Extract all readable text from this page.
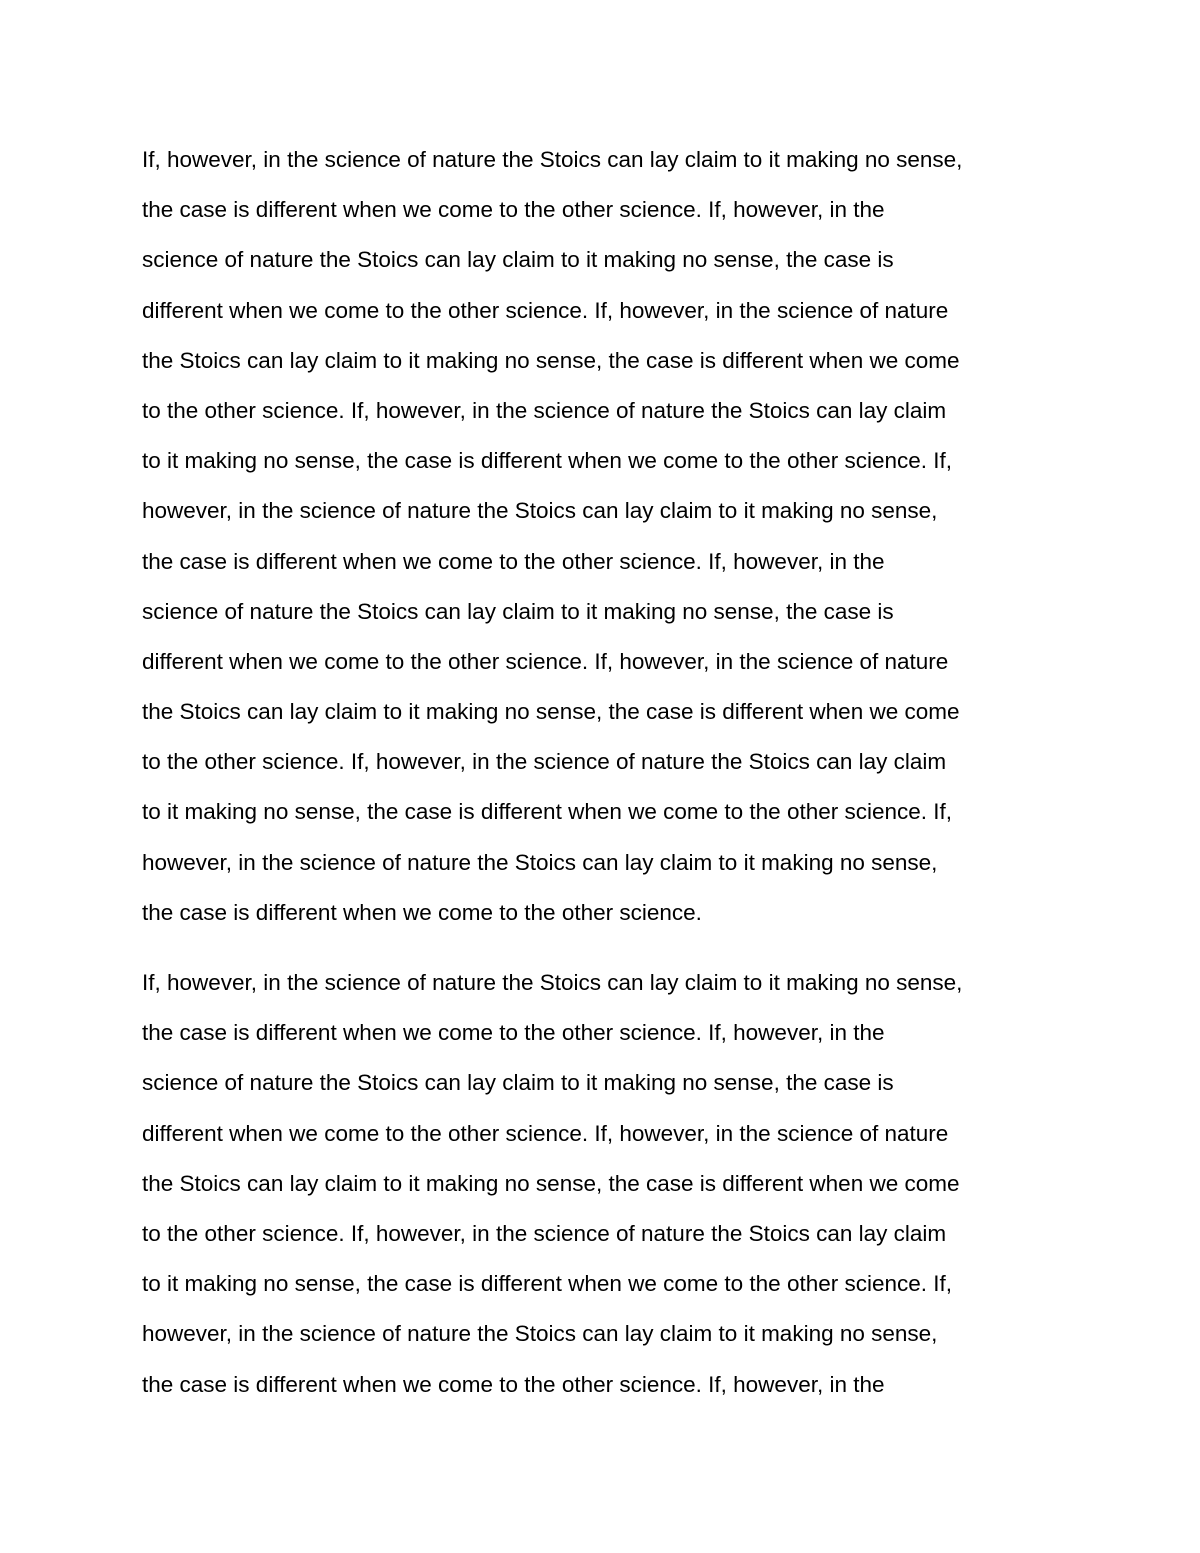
If, however, in the science of nature the Stoics can lay claim to it making no sense,
the case is different when we come to the other science. If, however, in the
science of nature the Stoics can lay claim to it making no sense, the case is
different when we come to the other science. If, however, in the science of nature
the Stoics can lay claim to it making no sense, the case is different when we come
to the other science. If, however, in the science of nature the Stoics can lay claim
to it making no sense, the case is different when we come to the other science. If,
however, in the science of nature the Stoics can lay claim to it making no sense,
the case is different when we come to the other science. If, however, in the
science of nature the Stoics can lay claim to it making no sense, the case is
different when we come to the other science. If, however, in the science of nature
the Stoics can lay claim to it making no sense, the case is different when we come
to the other science. If, however, in the science of nature the Stoics can lay claim
to it making no sense, the case is different when we come to the other science. If,
however, in the science of nature the Stoics can lay claim to it making no sense,
the case is different when we come to the other science.
If, however, in the science of nature the Stoics can lay claim to it making no sense,
the case is different when we come to the other science. If, however, in the
science of nature the Stoics can lay claim to it making no sense, the case is
different when we come to the other science. If, however, in the science of nature
the Stoics can lay claim to it making no sense, the case is different when we come
to the other science. If, however, in the science of nature the Stoics can lay claim
to it making no sense, the case is different when we come to the other science. If,
however, in the science of nature the Stoics can lay claim to it making no sense,
the case is different when we come to the other science. If, however, in the
